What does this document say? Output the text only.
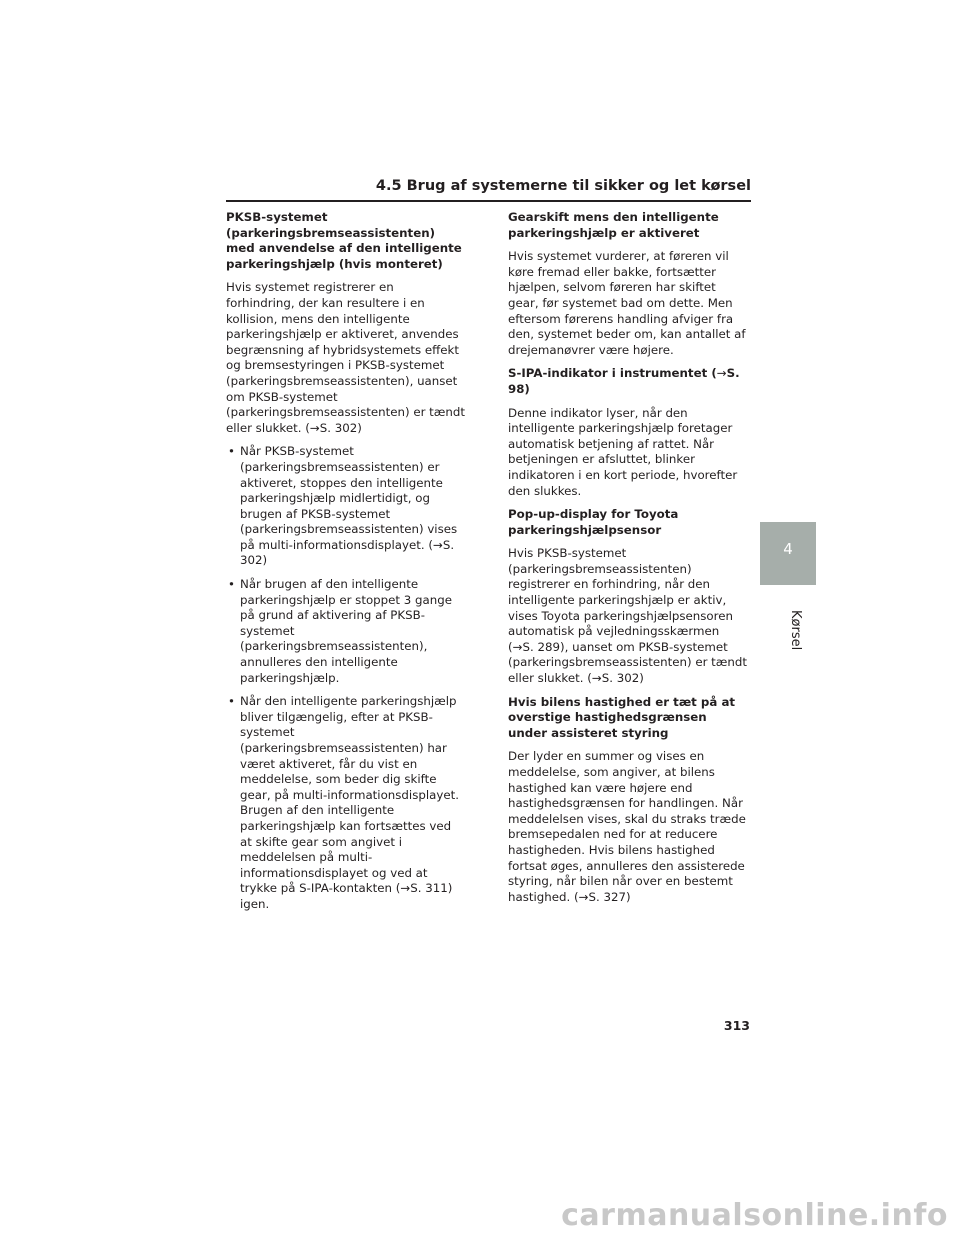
4.5 Brug af systemerne til sikker og let kørsel
PKSB-systemet (parkeringsbremseassistenten) med anvendelse af den intelligente parkeringshjælp (hvis monteret)
Hvis systemet registrerer en forhindring, der kan resultere i en kollision, mens den intelligente parkeringshjælp er aktiveret, anvendes begrænsning af hybridsystemets effekt og bremsestyringen i PKSB-systemet (parkeringsbremseassistenten), uanset om PKSB-systemet (parkeringsbremseassistenten) er tændt eller slukket. (→S. 302)
• Når PKSB-systemet (parkeringsbremseassistenten) er aktiveret, stoppes den intelligente parkeringshjælp midlertidigt, og brugen af PKSB-systemet (parkeringsbremseassistenten) vises på multi-informationsdisplayet. (→S. 302)
• Når brugen af den intelligente parkeringshjælp er stoppet 3 gange på grund af aktivering af PKSB-systemet (parkeringsbremseassistenten), annulleres den intelligente parkeringshjælp.
• Når den intelligente parkeringshjælp bliver tilgængelig, efter at PKSB-systemet (parkeringsbremseassistenten) har været aktiveret, får du vist en meddelelse, som beder dig skifte gear, på multi-informationsdisplayet. Brugen af den intelligente parkeringshjælp kan fortsættes ved at skifte gear som angivet i meddelelsen på multi-informationsdisplayet og ved at trykke på S-IPA-kontakten (→S. 311) igen.
Gearskift mens den intelligente parkeringshjælp er aktiveret
Hvis systemet vurderer, at føreren vil køre fremad eller bakke, fortsætter hjælpen, selvom føreren har skiftet gear, før systemet bad om dette. Men eftersom førerens handling afviger fra den, systemet beder om, kan antallet af drejemanøvrer være højere.
S-IPA-indikator i instrumentet (→S. 98)
Denne indikator lyser, når den intelligente parkeringshjælp foretager automatisk betjening af rattet. Når betjeningen er afsluttet, blinker indikatoren i en kort periode, hvorefter den slukkes.
Pop-up-display for Toyota parkeringshjælpsensor
Hvis PKSB-systemet (parkeringsbremseassistenten) registrerer en forhindring, når den intelligente parkeringshjælp er aktiv, vises Toyota parkeringshjælpsensoren automatisk på vejledningsskærmen (→S. 289), uanset om PKSB-systemet (parkeringsbremseassistenten) er tændt eller slukket. (→S. 302)
Hvis bilens hastighed er tæt på at overstige hastighedsgrænsen under assisteret styring
Der lyder en summer og vises en meddelelse, som angiver, at bilens hastighed kan være højere end hastighedsgrænsen for handlingen. Når meddelelsen vises, skal du straks træde bremsepedalen ned for at reducere hastigheden. Hvis bilens hastighed fortsat øges, annulleres den assisterede styring, når bilen når over en bestemt hastighed. (→S. 327)
4
Kørsel
313
carmanualsonline.info
